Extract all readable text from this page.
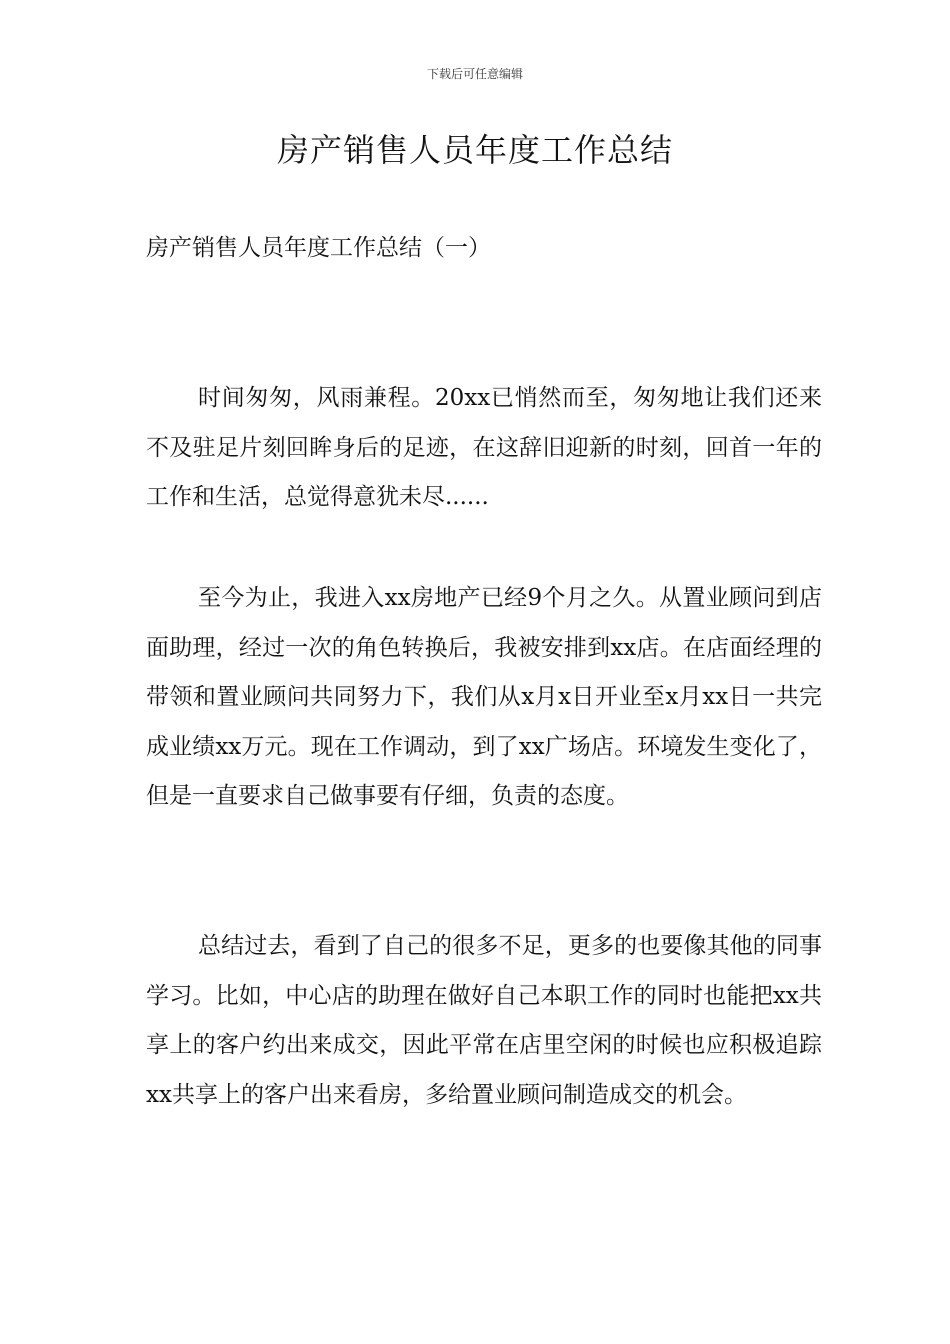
下载后可任意编辑
房产销售人员年度工作总结
房产销售人员年度工作总结（一）

时间匆匆，风雨兼程。20xx已悄然而至，匆匆地让我们还来不及驻足片刻回眸身后的足迹，在这辞旧迎新的时刻，回首一年的工作和生活，总觉得意犹未尽......

至今为止，我进入xx房地产已经9个月之久。从置业顾问到店面助理，经过一次的角色转换后，我被安排到xx店。在店面经理的带领和置业顾问共同努力下，我们从x月x日开业至x月xx日一共完成业绩xx万元。现在工作调动，到了xx广场店。环境发生变化了，但是一直要求自己做事要有仔细，负责的态度。

总结过去，看到了自己的很多不足，更多的也要像其他的同事学习。比如，中心店的助理在做好自己本职工作的同时也能把xx共享上的客户约出来成交，因此平常在店里空闲的时候也应积极追踪xx共享上的客户出来看房，多给置业顾问制造成交的机会。
